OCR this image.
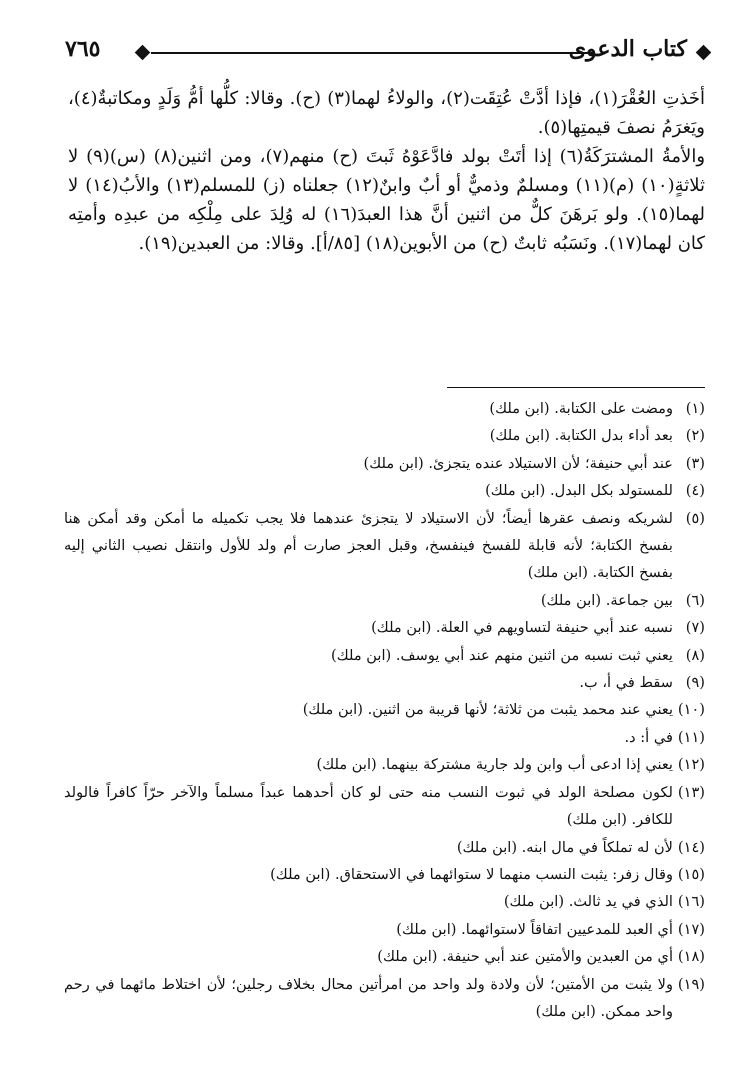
٧٦٥	كتاب الدعوى

أخَذتِ العُقْرَ(١)، فإذا أدَّتْ عُتِقَت(٢)، والولاءُ لهما(٣) (ح). وقالا: كلُّها أمُّ وَلَدٍ ومكاتبةٌ(٤)، ويَغرَمُ نصفَ قيمتِها(٥).

والأمةُ المشترَكَةُ(٦) إذا أتَتْ بولد فادَّعَوْهُ ثَبتَ (ح) منهم(٧)، ومن اثنين(٨) (س)(٩) لا ثلاثةٍ(١٠) (م)(١١) ومسلمٌ وذميٌّ أو أبٌ وابنٌ(١٢) جعلناه (ز) للمسلم(١٣) والأبُ(١٤) لا لهما(١٥). ولو بَرهَنَ كلٌّ من اثنين أنَّ هذا العبدَ(١٦) له وُلِدَ على مِلْكِه من عبدِه وأمتِه كان لهما(١٧). ونَسَبُه ثابتٌ (ح) من الأبوين(١٨) [٨٥/أ]. وقالا: من العبدين(١٩).

(١)
ومضت على الكتابة. (ابن ملك)
(٢)
بعد أداء بدل الكتابة. (ابن ملك)
(٣)
عند أبي حنيفة؛ لأن الاستيلاد عنده يتجزئ. (ابن ملك)
(٤)
للمستولد بكل البدل. (ابن ملك)
(٥)
لشريكه ونصف عقرها أيضاً؛ لأن الاستيلاد لا يتجزئ عندهما فلا يجب تكميله ما أمكن وقد أمكن هنا بفسخ الكتابة؛ لأنه قابلة للفسخ فينفسخ، وقبل العجز صارت أم ولد للأول وانتقل نصيب الثاني إليه بفسخ الكتابة. (ابن ملك)
(٦)
بين جماعة. (ابن ملك)
(٧)
نسبه عند أبي حنيفة لتساويهم في العلة. (ابن ملك)
(٨)
يعني ثبت نسبه من اثنين منهم عند أبي يوسف. (ابن ملك)
(٩)
سقط في أ، ب.
(١٠)
يعني عند محمد يثبت من ثلاثة؛ لأنها قريبة من اثنين. (ابن ملك)
(١١)
في أ: د.
(١٢)
يعني إذا ادعى أب وابن ولد جارية مشتركة بينهما. (ابن ملك)
(١٣)
لكون مصلحة الولد في ثبوت النسب منه حتى لو كان أحدهما عبداً مسلماً والآخر حرّاً كافراً فالولد للكافر. (ابن ملك)
(١٤)
لأن له تملكاً في مال ابنه. (ابن ملك)
(١٥)
وقال زفر: يثبت النسب منهما لا ستوائهما في الاستحقاق. (ابن ملك)
(١٦)
الذي في يد ثالث. (ابن ملك)
(١٧)
أي العبد للمدعيين اتفاقاً لاستوائهما. (ابن ملك)
(١٨)
أي من العبدين والأمتين عند أبي حنيفة. (ابن ملك)
(١٩)
ولا يثبت من الأمتين؛ لأن ولادة ولد واحد من امرأتين محال بخلاف رجلين؛ لأن اختلاط مائهما في رحم واحد ممكن. (ابن ملك)
